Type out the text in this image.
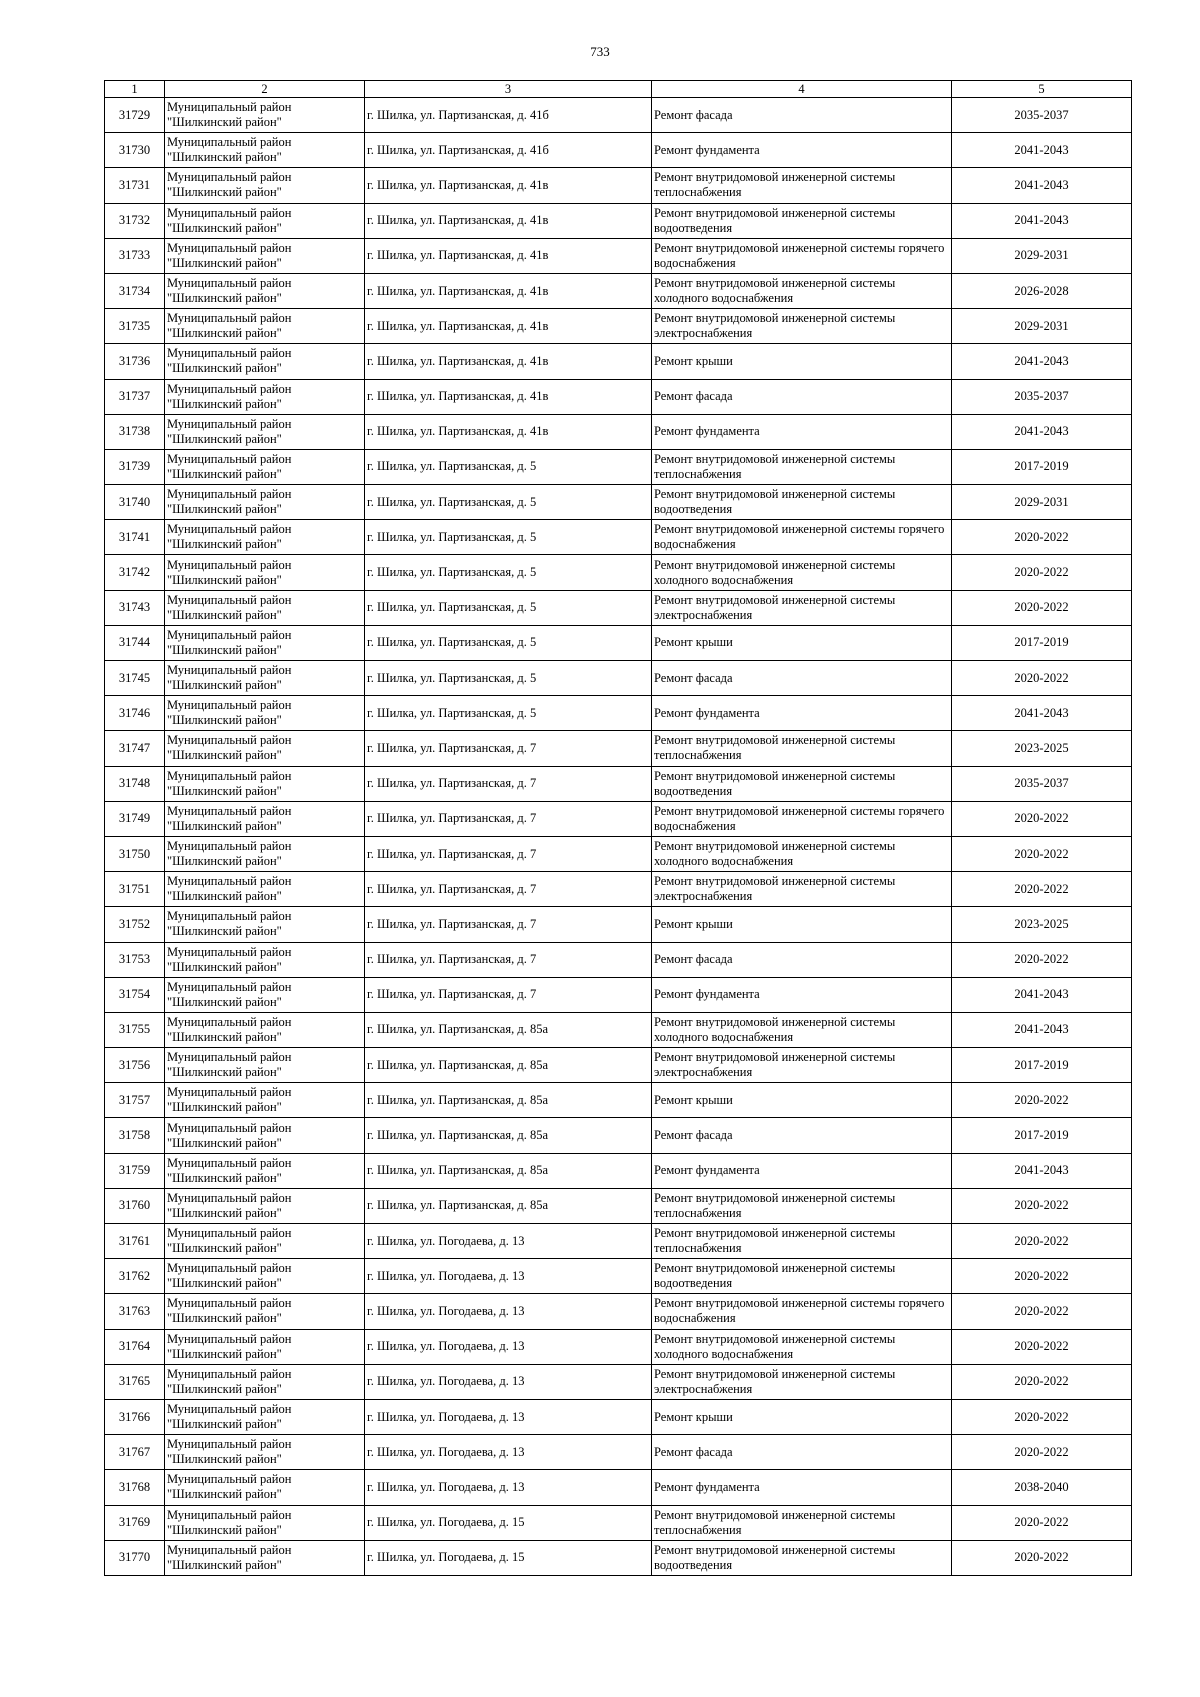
733
1	2	3	4	5
31729	Муниципальный район "Шилкинский район"	г. Шилка, ул. Партизанская, д. 41б	Ремонт фасада	2035-2037
31730	Муниципальный район "Шилкинский район"	г. Шилка, ул. Партизанская, д. 41б	Ремонт фундамента	2041-2043
31731	Муниципальный район "Шилкинский район"	г. Шилка, ул. Партизанская, д. 41в	Ремонт внутридомовой инженерной системы теплоснабжения	2041-2043
31732	Муниципальный район "Шилкинский район"	г. Шилка, ул. Партизанская, д. 41в	Ремонт внутридомовой инженерной системы водоотведения	2041-2043
31733	Муниципальный район "Шилкинский район"	г. Шилка, ул. Партизанская, д. 41в	Ремонт внутридомовой инженерной системы горячего водоснабжения	2029-2031
31734	Муниципальный район "Шилкинский район"	г. Шилка, ул. Партизанская, д. 41в	Ремонт внутридомовой инженерной системы холодного водоснабжения	2026-2028
31735	Муниципальный район "Шилкинский район"	г. Шилка, ул. Партизанская, д. 41в	Ремонт внутридомовой инженерной системы электроснабжения	2029-2031
31736	Муниципальный район "Шилкинский район"	г. Шилка, ул. Партизанская, д. 41в	Ремонт крыши	2041-2043
31737	Муниципальный район "Шилкинский район"	г. Шилка, ул. Партизанская, д. 41в	Ремонт фасада	2035-2037
31738	Муниципальный район "Шилкинский район"	г. Шилка, ул. Партизанская, д. 41в	Ремонт фундамента	2041-2043
31739	Муниципальный район "Шилкинский район"	г. Шилка, ул. Партизанская, д. 5	Ремонт внутридомовой инженерной системы теплоснабжения	2017-2019
31740	Муниципальный район "Шилкинский район"	г. Шилка, ул. Партизанская, д. 5	Ремонт внутридомовой инженерной системы водоотведения	2029-2031
31741	Муниципальный район "Шилкинский район"	г. Шилка, ул. Партизанская, д. 5	Ремонт внутридомовой инженерной системы горячего водоснабжения	2020-2022
31742	Муниципальный район "Шилкинский район"	г. Шилка, ул. Партизанская, д. 5	Ремонт внутридомовой инженерной системы холодного водоснабжения	2020-2022
31743	Муниципальный район "Шилкинский район"	г. Шилка, ул. Партизанская, д. 5	Ремонт внутридомовой инженерной системы электроснабжения	2020-2022
31744	Муниципальный район "Шилкинский район"	г. Шилка, ул. Партизанская, д. 5	Ремонт крыши	2017-2019
31745	Муниципальный район "Шилкинский район"	г. Шилка, ул. Партизанская, д. 5	Ремонт фасада	2020-2022
31746	Муниципальный район "Шилкинский район"	г. Шилка, ул. Партизанская, д. 5	Ремонт фундамента	2041-2043
31747	Муниципальный район "Шилкинский район"	г. Шилка, ул. Партизанская, д. 7	Ремонт внутридомовой инженерной системы теплоснабжения	2023-2025
31748	Муниципальный район "Шилкинский район"	г. Шилка, ул. Партизанская, д. 7	Ремонт внутридомовой инженерной системы водоотведения	2035-2037
31749	Муниципальный район "Шилкинский район"	г. Шилка, ул. Партизанская, д. 7	Ремонт внутридомовой инженерной системы горячего водоснабжения	2020-2022
31750	Муниципальный район "Шилкинский район"	г. Шилка, ул. Партизанская, д. 7	Ремонт внутридомовой инженерной системы холодного водоснабжения	2020-2022
31751	Муниципальный район "Шилкинский район"	г. Шилка, ул. Партизанская, д. 7	Ремонт внутридомовой инженерной системы электроснабжения	2020-2022
31752	Муниципальный район "Шилкинский район"	г. Шилка, ул. Партизанская, д. 7	Ремонт крыши	2023-2025
31753	Муниципальный район "Шилкинский район"	г. Шилка, ул. Партизанская, д. 7	Ремонт фасада	2020-2022
31754	Муниципальный район "Шилкинский район"	г. Шилка, ул. Партизанская, д. 7	Ремонт фундамента	2041-2043
31755	Муниципальный район "Шилкинский район"	г. Шилка, ул. Партизанская, д. 85а	Ремонт внутридомовой инженерной системы холодного водоснабжения	2041-2043
31756	Муниципальный район "Шилкинский район"	г. Шилка, ул. Партизанская, д. 85а	Ремонт внутридомовой инженерной системы электроснабжения	2017-2019
31757	Муниципальный район "Шилкинский район"	г. Шилка, ул. Партизанская, д. 85а	Ремонт крыши	2020-2022
31758	Муниципальный район "Шилкинский район"	г. Шилка, ул. Партизанская, д. 85а	Ремонт фасада	2017-2019
31759	Муниципальный район "Шилкинский район"	г. Шилка, ул. Партизанская, д. 85а	Ремонт фундамента	2041-2043
31760	Муниципальный район "Шилкинский район"	г. Шилка, ул. Партизанская, д. 85а	Ремонт внутридомовой инженерной системы теплоснабжения	2020-2022
31761	Муниципальный район "Шилкинский район"	г. Шилка, ул. Погодаева, д. 13	Ремонт внутридомовой инженерной системы теплоснабжения	2020-2022
31762	Муниципальный район "Шилкинский район"	г. Шилка, ул. Погодаева, д. 13	Ремонт внутридомовой инженерной системы водоотведения	2020-2022
31763	Муниципальный район "Шилкинский район"	г. Шилка, ул. Погодаева, д. 13	Ремонт внутридомовой инженерной системы горячего водоснабжения	2020-2022
31764	Муниципальный район "Шилкинский район"	г. Шилка, ул. Погодаева, д. 13	Ремонт внутридомовой инженерной системы холодного водоснабжения	2020-2022
31765	Муниципальный район "Шилкинский район"	г. Шилка, ул. Погодаева, д. 13	Ремонт внутридомовой инженерной системы электроснабжения	2020-2022
31766	Муниципальный район "Шилкинский район"	г. Шилка, ул. Погодаева, д. 13	Ремонт крыши	2020-2022
31767	Муниципальный район "Шилкинский район"	г. Шилка, ул. Погодаева, д. 13	Ремонт фасада	2020-2022
31768	Муниципальный район "Шилкинский район"	г. Шилка, ул. Погодаева, д. 13	Ремонт фундамента	2038-2040
31769	Муниципальный район "Шилкинский район"	г. Шилка, ул. Погодаева, д. 15	Ремонт внутридомовой инженерной системы теплоснабжения	2020-2022
31770	Муниципальный район "Шилкинский район"	г. Шилка, ул. Погодаева, д. 15	Ремонт внутридомовой инженерной системы водоотведения	2020-2022
